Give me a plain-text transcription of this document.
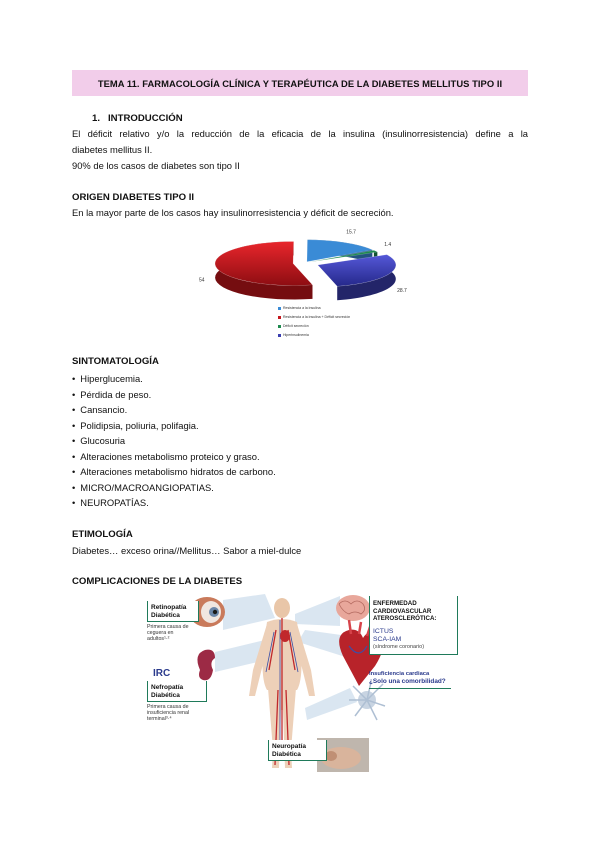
TEMA 11. FARMACOLOGÍA CLÍNICA Y TERAPÉUTICA DE LA DIABETES MELLITUS TIPO II
1. INTRODUCCIÓN
El déficit relativo y/o la reducción de la eficacia de la insulina (insulinorresistencia) define a la
diabetes mellitus II.
90% de los casos de diabetes son tipo II
ORIGEN DIABETES TIPO II
En la mayor parte de los casos hay insulinorresistencia y déficit de secreción.
54
15.7
1.4
28.7
Resistencia a la insulina
Resistencia a la insulina + Déficit secreción
Déficit secreción
Hiperinsulinemia
SINTOMATOLOGÍA
• Hiperglucemia.
• Pérdida de peso.
• Cansancio.
• Polidipsia, poliuria, polifagia.
• Glucosuria
• Alteraciones metabolismo proteico y graso.
• Alteraciones metabolismo hidratos de carbono.
• MICRO/MACROANGIOPATIAS.
• NEUROPATÍAS.
ETIMOLOGÍA
Diabetes… exceso orina//Mellitus… Sabor a miel-dulce
COMPLICACIONES DE LA DIABETES
Retinopatía
Diabética
Primera causa de
ceguera en
adultos¹·²
IRC
Nefropatía
Diabética
Primera causa de
insuficiencia renal
terminal³·⁴
ENFERMEDAD
CARDIOVASCULAR
ATEROSCLERÓTICA:
ICTUS
SCA-IAM
(síndrome coronario)
Insuficiencia cardiaca
¿Solo una comorbilidad?
Neuropatía
Diabética
